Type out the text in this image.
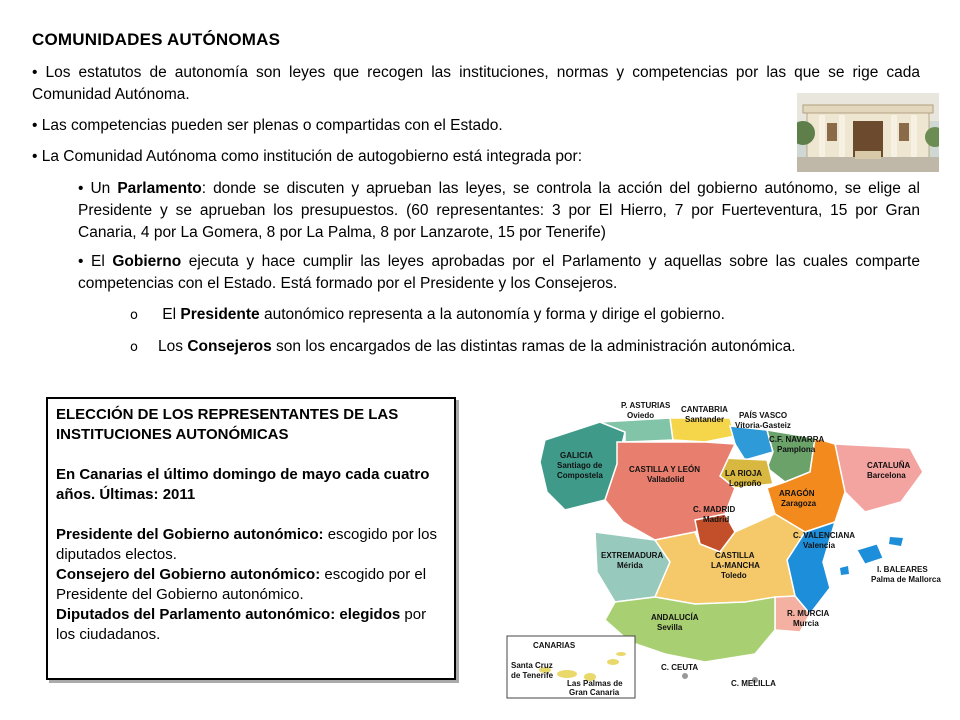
COMUNIDADES AUTÓNOMAS
• Los estatutos de autonomía son leyes que recogen las instituciones, normas y competencias por las que se rige cada Comunidad Autónoma.
• Las competencias pueden ser plenas o compartidas con el Estado.
• La Comunidad Autónoma como institución de autogobierno está integrada por:
• Un Parlamento: donde se discuten y aprueban las leyes, se controla la acción del gobierno autónomo, se elige al Presidente y se aprueban los presupuestos. (60 representantes: 3 por El Hierro, 7 por Fuerteventura, 15 por Gran Canaria, 4 por La Gomera, 8 por La Palma, 8 por Lanzarote, 15 por Tenerife)
• El Gobierno ejecuta y hace cumplir las leyes aprobadas por el Parlamento y aquellas sobre las cuales comparte competencias con el Estado. Está formado por el Presidente y los Consejeros.
o El Presidente autonómico representa a la autonomía y forma y dirige el gobierno.
o Los Consejeros son los encargados de las distintas ramas de la administración autonómica.

ELECCIÓN DE LOS REPRESENTANTES DE LAS INSTITUCIONES AUTONÓMICAS

En Canarias el último domingo de mayo cada cuatro años. Últimas: 2011

Presidente del Gobierno autonómico: escogido por los diputados electos.

Consejero del Gobierno autonómico: escogido por el Presidente del Gobierno autonómico.

Diputados del Parlamento autonómico: elegidos por los ciudadanos.

P. ASTURIAS
Oviedo
CANTABRIA
Santander PAÍS VASCO
Vitoria-Gasteiz
C.F. NAVARRA
Pamplona
GALICIA
Santiago de
Compostela
CASTILLA Y LEÓN
Valladolid
LA RIOJA
Logroño
CATALUÑA
Barcelona
ARAGÓN
Zaragoza
C. MADRID
Madrid
C. VALENCIANA
Valencia
I. BALEARES
Palma de Mallorca
EXTREMADURA
Mérida
CASTILLA
LA-MANCHA
Toledo
R. MURCIA
Murcia
ANDALUCÍA
Sevilla
CANARIAS
Santa Cruz
de Tenerife
Las Palmas de
Gran Canaria
C. CEUTA
C. MELILLA
